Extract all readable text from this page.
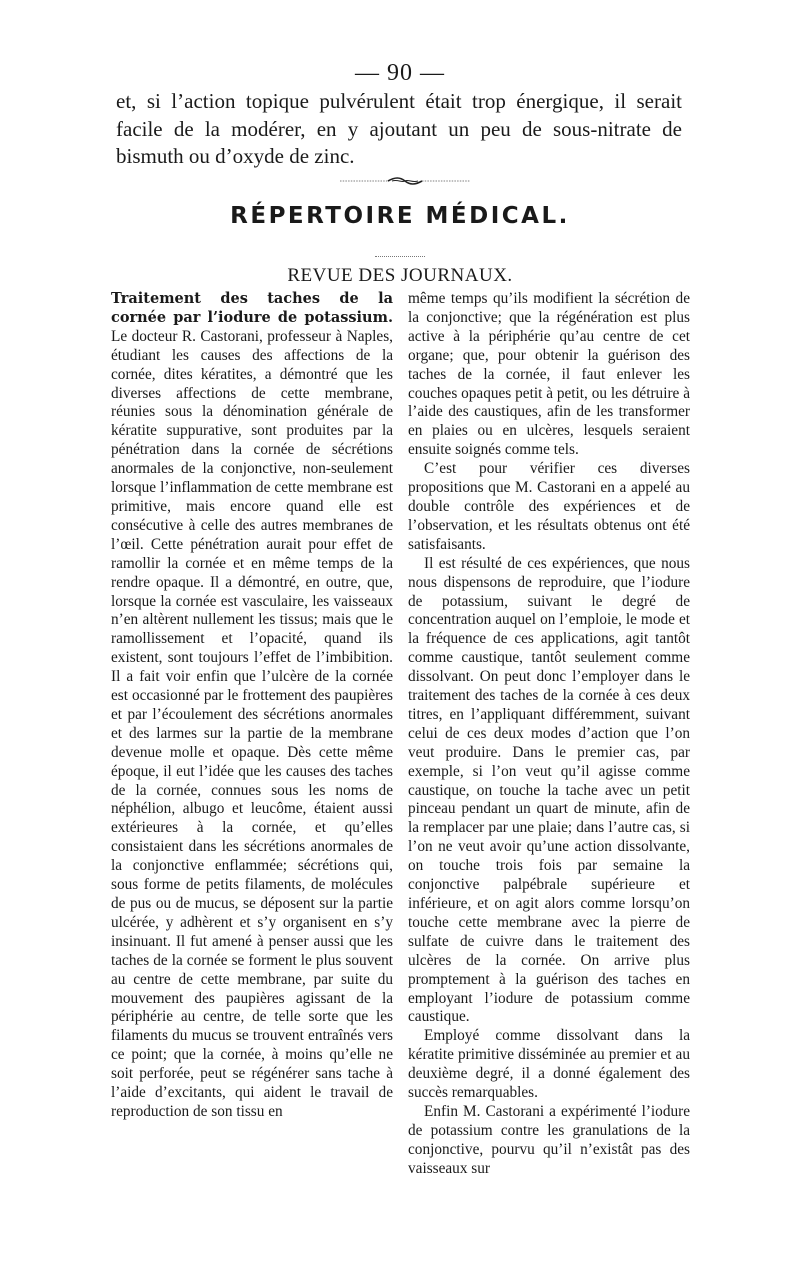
— 90 —

et, si l’action topique pulvérulent était trop énergique, il serait facile de la modérer, en y ajoutant un peu de sous-nitrate de bismuth ou d’oxyde de zinc.

RÉPERTOIRE MÉDICAL.
REVUE DES JOURNAUX.

Traitement des taches de la cornée par l’iodure de potassium. Le docteur R. Castorani, professeur à Naples, étudiant les causes des affections de la cornée, dites kératites, a démontré que les diverses affections de cette membrane, réunies sous la dénomination générale de kératite suppurative, sont produites par la pénétration dans la cornée de sécrétions anormales de la conjonctive, non-seulement lorsque l’inflammation de cette membrane est primitive, mais encore quand elle est consécutive à celle des autres membranes de l’œil. Cette pénétration aurait pour effet de ramollir la cornée et en même temps de la rendre opaque. Il a démontré, en outre, que, lorsque la cornée est vasculaire, les vaisseaux n’en altèrent nullement les tissus; mais que le ramollissement et l’opacité, quand ils existent, sont toujours l’effet de l’imbibition. Il a fait voir enfin que l’ulcère de la cornée est occasionné par le frottement des paupières et par l’écoulement des sécrétions anormales et des larmes sur la partie de la membrane devenue molle et opaque. Dès cette même époque, il eut l’idée que les causes des taches de la cornée, connues sous les noms de néphélion, albugo et leucôme, étaient aussi extérieures à la cornée, et qu’elles consistaient dans les sécrétions anormales de la conjonctive enflammée; sécrétions qui, sous forme de petits filaments, de molécules de pus ou de mucus, se déposent sur la partie ulcérée, y adhèrent et s’y organisent en s’y insinuant. Il fut amené à penser aussi que les taches de la cornée se forment le plus souvent au centre de cette membrane, par suite du mouvement des paupières agissant de la périphérie au centre, de telle sorte que les filaments du mucus se trouvent entraînés vers ce point; que la cornée, à moins qu’elle ne soit perforée, peut se régénérer sans tache à l’aide d’excitants, qui aident le travail de reproduction de son tissu en

même temps qu’ils modifient la sécrétion de la conjonctive; que la régénération est plus active à la périphérie qu’au centre de cet organe; que, pour obtenir la guérison des taches de la cornée, il faut enlever les couches opaques petit à petit, ou les détruire à l’aide des caustiques, afin de les transformer en plaies ou en ulcères, lesquels seraient ensuite soignés comme tels.

C’est pour vérifier ces diverses propositions que M. Castorani en a appelé au double contrôle des expériences et de l’observation, et les résultats obtenus ont été satisfaisants.

Il est résulté de ces expériences, que nous nous dispensons de reproduire, que l’iodure de potassium, suivant le degré de concentration auquel on l’emploie, le mode et la fréquence de ces applications, agit tantôt comme caustique, tantôt seulement comme dissolvant. On peut donc l’employer dans le traitement des taches de la cornée à ces deux titres, en l’appliquant différemment, suivant celui de ces deux modes d’action que l’on veut produire. Dans le premier cas, par exemple, si l’on veut qu’il agisse comme caustique, on touche la tache avec un petit pinceau pendant un quart de minute, afin de la remplacer par une plaie; dans l’autre cas, si l’on ne veut avoir qu’une action dissolvante, on touche trois fois par semaine la conjonctive palpébrale supérieure et inférieure, et on agit alors comme lorsqu’on touche cette membrane avec la pierre de sulfate de cuivre dans le traitement des ulcères de la cornée. On arrive plus promptement à la guérison des taches en employant l’iodure de potassium comme caustique.

Employé comme dissolvant dans la kératite primitive disséminée au premier et au deuxième degré, il a donné également des succès remarquables.

Enfin M. Castorani a expérimenté l’iodure de potassium contre les granulations de la conjonctive, pourvu qu’il n’existât pas des vaisseaux sur
